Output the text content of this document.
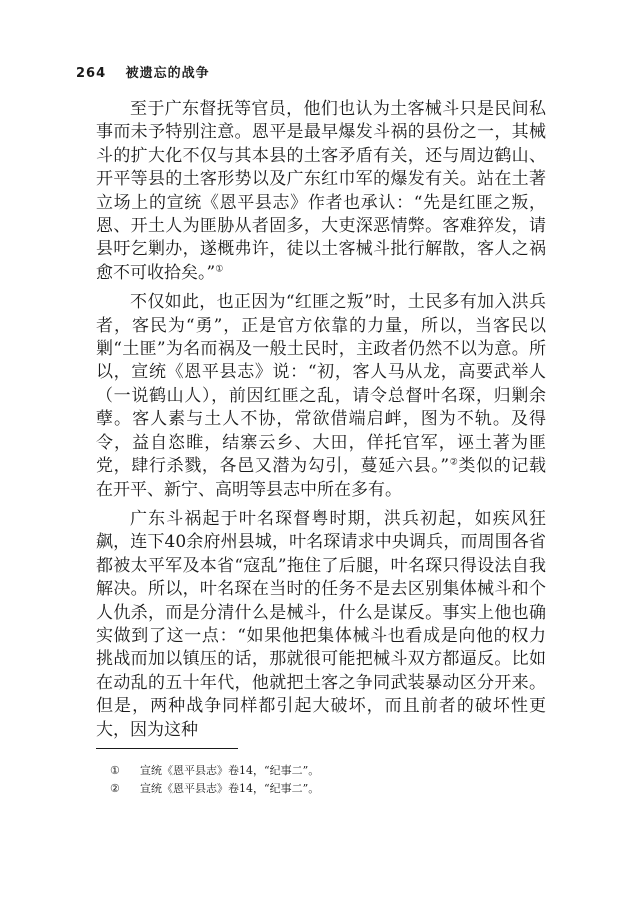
264 被遗忘的战争

至于广东督抚等官员，他们也认为土客械斗只是民间私事而未予特别注意。恩平是最早爆发斗祸的县份之一，其械斗的扩大化不仅与其本县的土客矛盾有关，还与周边鹤山、开平等县的土客形势以及广东红巾军的爆发有关。站在土著立场上的宣统《恩平县志》作者也承认：“先是红匪之叛，恩、开土人为匪胁从者固多，大吏深恶情弊。客难猝发，请县吁乞剿办，遂概弗许，徒以土客械斗批行解散，客人之祸愈不可收拾矣。”①

不仅如此，也正因为“红匪之叛”时，土民多有加入洪兵者，客民为“勇”，正是官方依靠的力量，所以，当客民以剿“土匪”为名而祸及一般土民时，主政者仍然不以为意。所以，宣统《恩平县志》说：“初，客人马从龙，高要武举人（一说鹤山人），前因红匪之乱，请令总督叶名琛，归剿余孽。客人素与土人不协，常欲借端启衅，图为不轨。及得令，益自恣睢，结寨云乡、大田，佯托官军，诬土著为匪党，肆行杀戮，各邑又潜为勾引，蔓延六县。”②类似的记载在开平、新宁、高明等县志中所在多有。

广东斗祸起于叶名琛督粤时期，洪兵初起，如疾风狂飙，连下40余府州县城，叶名琛请求中央调兵，而周围各省都被太平军及本省“寇乱”拖住了后腿，叶名琛只得设法自我解决。所以，叶名琛在当时的任务不是去区别集体械斗和个人仇杀，而是分清什么是械斗，什么是谋反。事实上他也确实做到了这一点：“如果他把集体械斗也看成是向他的权力挑战而加以镇压的话，那就很可能把械斗双方都逼反。比如在动乱的五十年代，他就把土客之争同武装暴动区分开来。但是，两种战争同样都引起大破坏，而且前者的破坏性更大，因为这种

① 宣统《恩平县志》卷14，“纪事二”。
② 宣统《恩平县志》卷14，“纪事二”。
